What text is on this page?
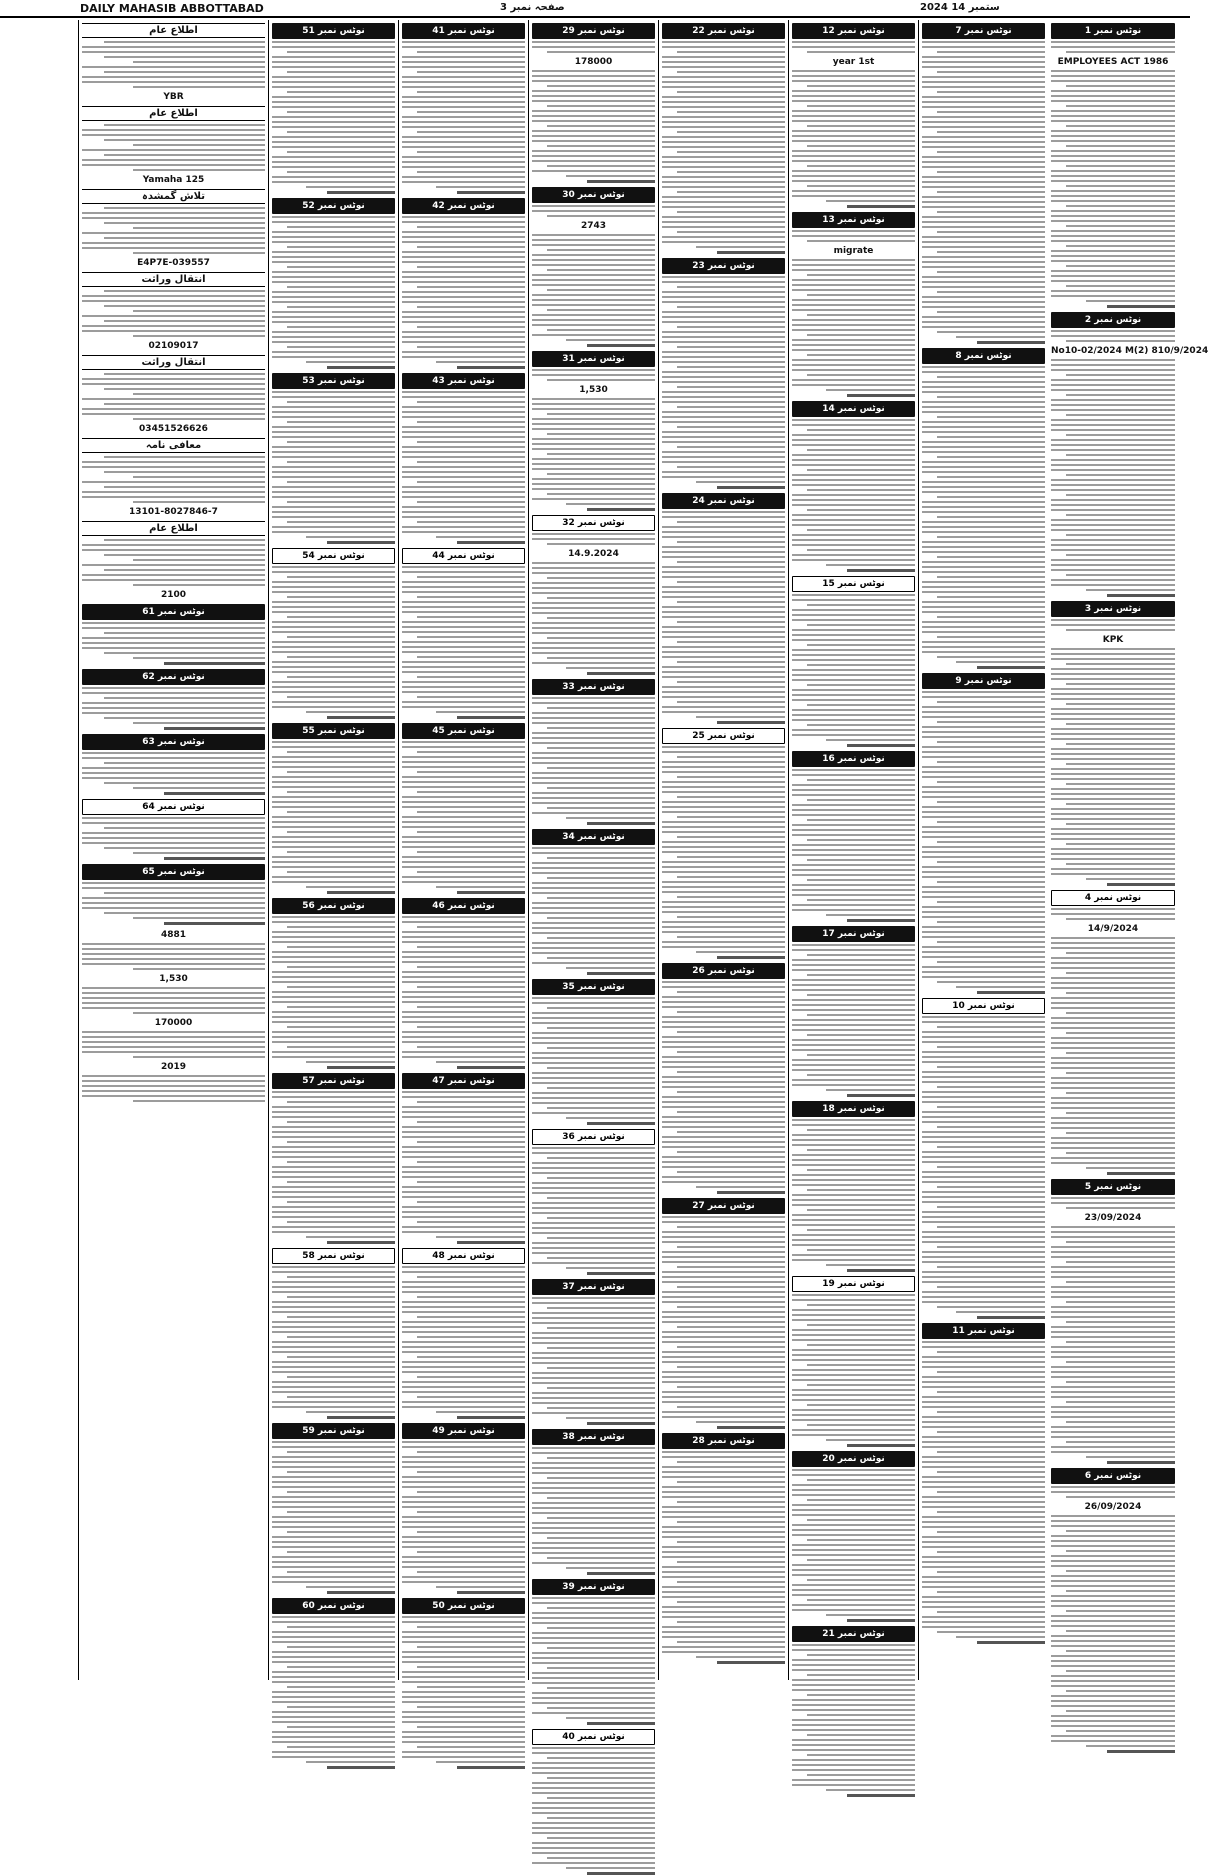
DAILY MAHASIB ABBOTTABAD	صفحہ نمبر 3	2024 ستمبر 14
نوٹس نمبر 1
EMPLOYEES ACT 1986
نوٹس نمبر 2
No10-02/2024 M(2) 810/9/2024
نوٹس نمبر 3
KPK
نوٹس نمبر 4
14/9/2024
نوٹس نمبر 5
23/09/2024
نوٹس نمبر 6
26/09/2024
نوٹس نمبر 7
نوٹس نمبر 8
نوٹس نمبر 9
نوٹس نمبر 10
نوٹس نمبر 11
نوٹس نمبر 12
year 1st
نوٹس نمبر 13
migrate
نوٹس نمبر 14
نوٹس نمبر 15
نوٹس نمبر 16
نوٹس نمبر 17
نوٹس نمبر 18
نوٹس نمبر 19
نوٹس نمبر 20
نوٹس نمبر 21
نوٹس نمبر 22
نوٹس نمبر 23
نوٹس نمبر 24
نوٹس نمبر 25
نوٹس نمبر 26
نوٹس نمبر 27
نوٹس نمبر 28
نوٹس نمبر 29
178000
نوٹس نمبر 30
2743
نوٹس نمبر 31
1,530
نوٹس نمبر 32
14.9.2024
نوٹس نمبر 33
نوٹس نمبر 34
نوٹس نمبر 35
نوٹس نمبر 36
نوٹس نمبر 37
نوٹس نمبر 38
نوٹس نمبر 39
نوٹس نمبر 40
نوٹس نمبر 41
نوٹس نمبر 42
نوٹس نمبر 43
نوٹس نمبر 44
نوٹس نمبر 45
نوٹس نمبر 46
نوٹس نمبر 47
نوٹس نمبر 48
نوٹس نمبر 49
نوٹس نمبر 50
نوٹس نمبر 51
نوٹس نمبر 52
نوٹس نمبر 53
نوٹس نمبر 54
نوٹس نمبر 55
نوٹس نمبر 56
نوٹس نمبر 57
نوٹس نمبر 58
نوٹس نمبر 59
نوٹس نمبر 60
اطلاع عام
YBR
اطلاع عام
Yamaha 125
تلاش گمشدہ
E4P7E-039557
انتقال وراثت
02109017
انتقال وراثت
03451526626
معافی نامہ
13101-8027846-7
اطلاع عام
2100
نوٹس نمبر 61
نوٹس نمبر 62
نوٹس نمبر 63
نوٹس نمبر 64
نوٹس نمبر 65
4881
1,530
170000
2019
